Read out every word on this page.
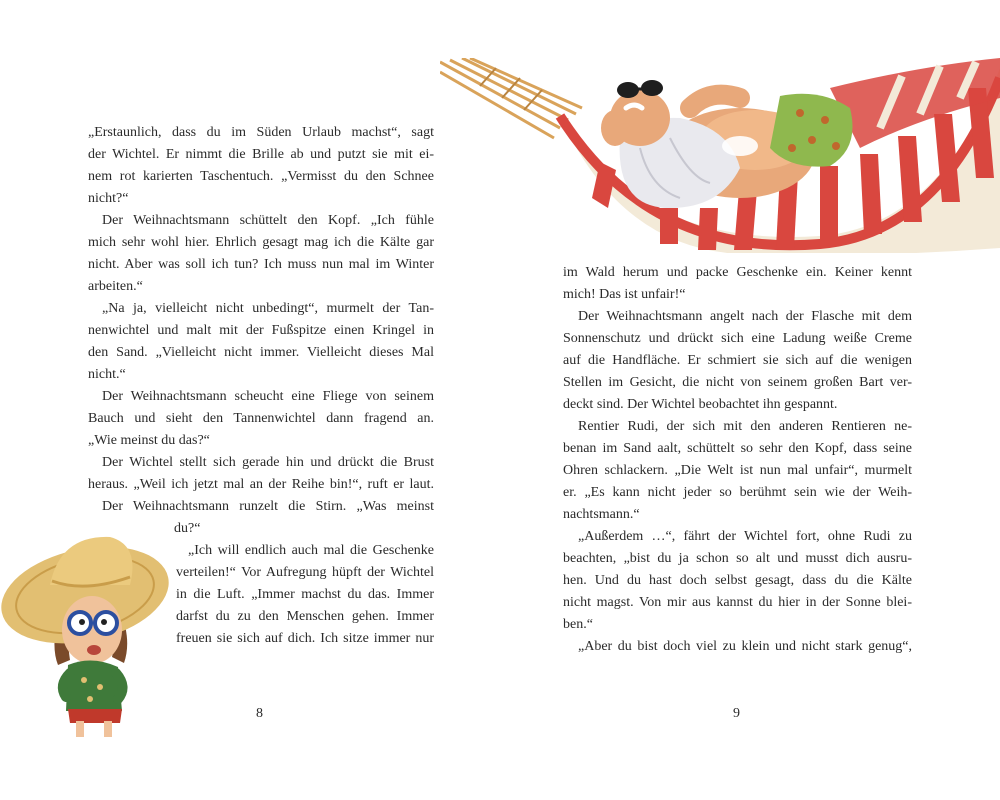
„Erstaunlich, dass du im Süden Urlaub machst“, sagt
der Wichtel. Er nimmt die Brille ab und putzt sie mit ei-
nem rot karierten Taschentuch. „Vermisst du den Schnee
nicht?“
Der Weihnachtsmann schüttelt den Kopf. „Ich fühle
mich sehr wohl hier. Ehrlich gesagt mag ich die Kälte gar
nicht. Aber was soll ich tun? Ich muss nun mal im Winter
arbeiten.“
„Na ja, vielleicht nicht unbedingt“, murmelt der Tan-
nenwichtel und malt mit der Fußspitze einen Kringel in
den Sand. „Vielleicht nicht immer. Vielleicht dieses Mal
nicht.“
Der Weihnachtsmann scheucht eine Fliege von seinem
Bauch und sieht den Tannenwichtel dann fragend an.
„Wie meinst du das?“
Der Wichtel stellt sich gerade hin und drückt die Brust
heraus. „Weil ich jetzt mal an der Reihe bin!“, ruft er laut.
Der Weihnachtsmann runzelt die Stirn. „Was meinst
du?“
„Ich will endlich auch mal die Geschenke
verteilen!“ Vor Aufregung hüpft der Wichtel
in die Luft. „Immer machst du das. Immer
darfst du zu den Menschen gehen. Immer
freuen sie sich auf dich. Ich sitze immer nur
8
im Wald herum und packe Geschenke ein. Keiner kennt
mich! Das ist unfair!“
Der Weihnachtsmann angelt nach der Flasche mit dem
Sonnenschutz und drückt sich eine Ladung weiße Creme
auf die Handfläche. Er schmiert sie sich auf die wenigen
Stellen im Gesicht, die nicht von seinem großen Bart ver-
deckt sind. Der Wichtel beobachtet ihn gespannt.
Rentier Rudi, der sich mit den anderen Rentieren ne-
benan im Sand aalt, schüttelt so sehr den Kopf, dass seine
Ohren schlackern. „Die Welt ist nun mal unfair“, murmelt
er. „Es kann nicht jeder so berühmt sein wie der Weih-
nachtsmann.“
„Außerdem …“, fährt der Wichtel fort, ohne Rudi zu
beachten, „bist du ja schon so alt und musst dich ausru-
hen. Und du hast doch selbst gesagt, dass du die Kälte
nicht magst. Von mir aus kannst du hier in der Sonne blei-
ben.“
„Aber du bist doch viel zu klein und nicht stark genug“,
9
